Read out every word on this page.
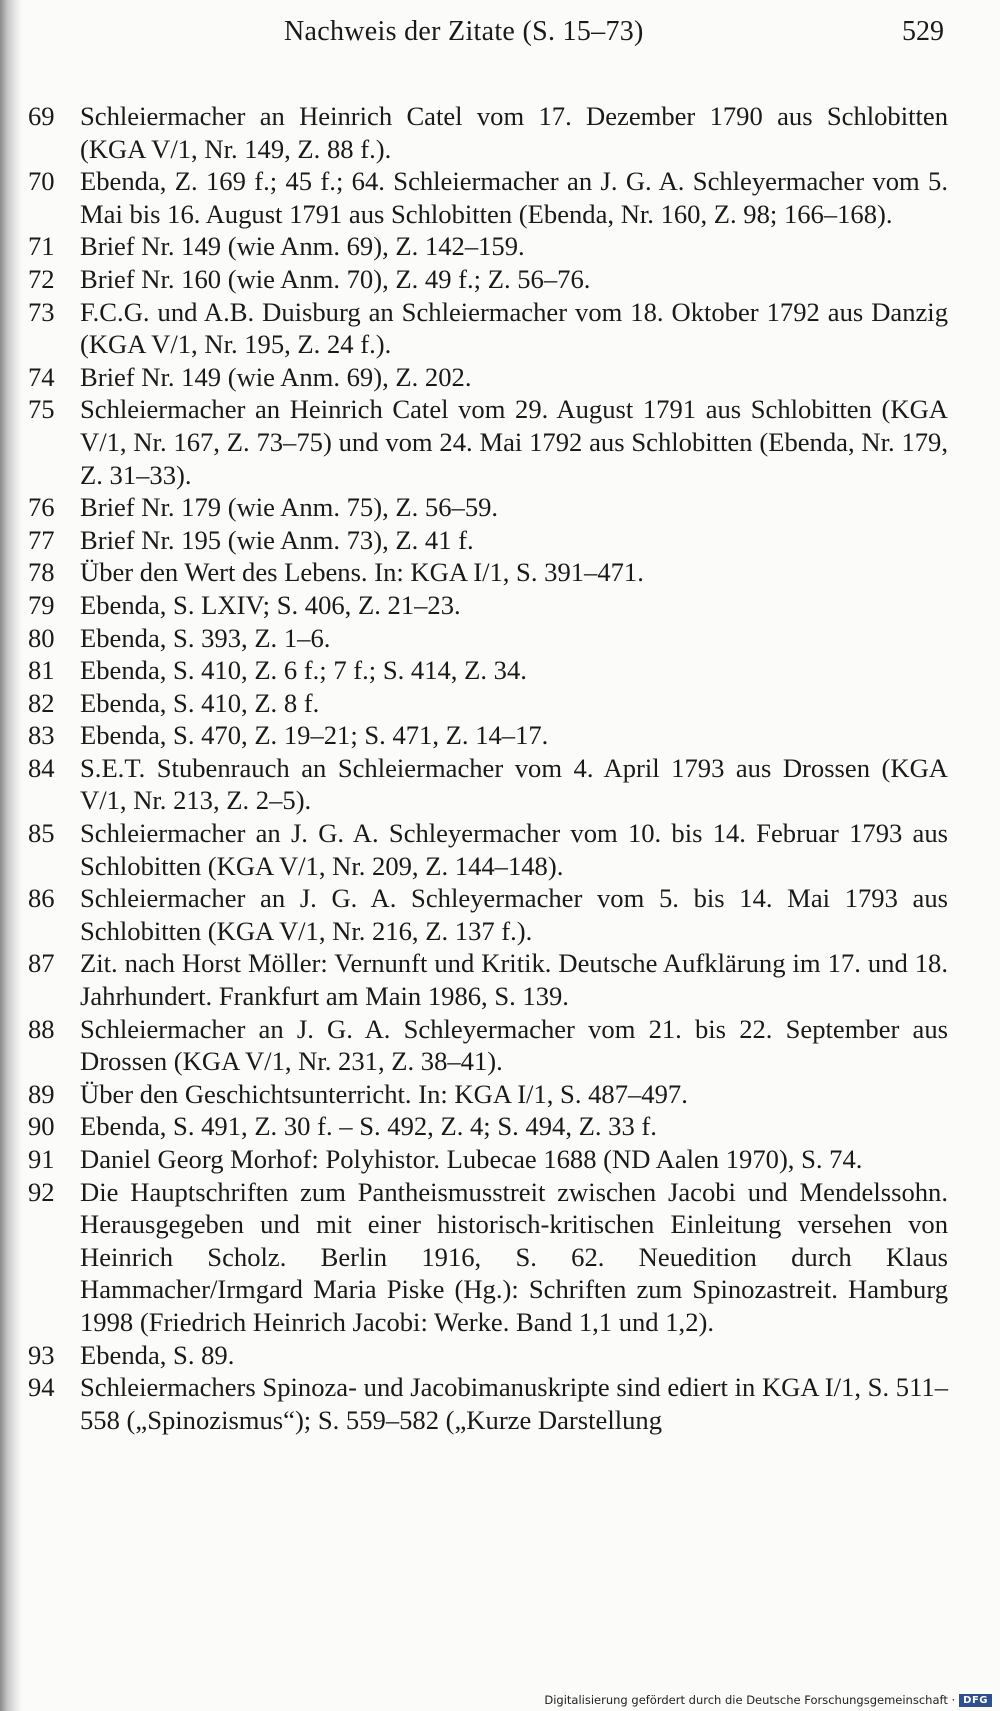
Nachweis der Zitate (S. 15–73)	529
69 Schleiermacher an Heinrich Catel vom 17. Dezember 1790 aus Schlobitten (KGA V/1, Nr. 149, Z. 88 f.).
70 Ebenda, Z. 169 f.; 45 f.; 64. Schleiermacher an J. G. A. Schleyermacher vom 5. Mai bis 16. August 1791 aus Schlobitten (Ebenda, Nr. 160, Z. 98; 166–168).
71 Brief Nr. 149 (wie Anm. 69), Z. 142–159.
72 Brief Nr. 160 (wie Anm. 70), Z. 49 f.; Z. 56–76.
73 F.C.G. und A.B. Duisburg an Schleiermacher vom 18. Oktober 1792 aus Danzig (KGA V/1, Nr. 195, Z. 24 f.).
74 Brief Nr. 149 (wie Anm. 69), Z. 202.
75 Schleiermacher an Heinrich Catel vom 29. August 1791 aus Schlobitten (KGA V/1, Nr. 167, Z. 73–75) und vom 24. Mai 1792 aus Schlobitten (Ebenda, Nr. 179, Z. 31–33).
76 Brief Nr. 179 (wie Anm. 75), Z. 56–59.
77 Brief Nr. 195 (wie Anm. 73), Z. 41 f.
78 Über den Wert des Lebens. In: KGA I/1, S. 391–471.
79 Ebenda, S. LXIV; S. 406, Z. 21–23.
80 Ebenda, S. 393, Z. 1–6.
81 Ebenda, S. 410, Z. 6 f.; 7 f.; S. 414, Z. 34.
82 Ebenda, S. 410, Z. 8 f.
83 Ebenda, S. 470, Z. 19–21; S. 471, Z. 14–17.
84 S.E.T. Stubenrauch an Schleiermacher vom 4. April 1793 aus Drossen (KGA V/1, Nr. 213, Z. 2–5).
85 Schleiermacher an J. G. A. Schleyermacher vom 10. bis 14. Februar 1793 aus Schlobitten (KGA V/1, Nr. 209, Z. 144–148).
86 Schleiermacher an J. G. A. Schleyermacher vom 5. bis 14. Mai 1793 aus Schlobitten (KGA V/1, Nr. 216, Z. 137 f.).
87 Zit. nach Horst Möller: Vernunft und Kritik. Deutsche Aufklärung im 17. und 18. Jahrhundert. Frankfurt am Main 1986, S. 139.
88 Schleiermacher an J. G. A. Schleyermacher vom 21. bis 22. September aus Drossen (KGA V/1, Nr. 231, Z. 38–41).
89 Über den Geschichtsunterricht. In: KGA I/1, S. 487–497.
90 Ebenda, S. 491, Z. 30 f. – S. 492, Z. 4; S. 494, Z. 33 f.
91 Daniel Georg Morhof: Polyhistor. Lubecae 1688 (ND Aalen 1970), S. 74.
92 Die Hauptschriften zum Pantheismusstreit zwischen Jacobi und Mendelssohn. Herausgegeben und mit einer historisch-kritischen Einleitung versehen von Heinrich Scholz. Berlin 1916, S. 62. Neuedition durch Klaus Hammacher/Irmgard Maria Piske (Hg.): Schriften zum Spinozastreit. Hamburg 1998 (Friedrich Heinrich Jacobi: Werke. Band 1,1 und 1,2).
93 Ebenda, S. 89.
94 Schleiermachers Spinoza- und Jacobimanuskripte sind ediert in KGA I/1, S. 511–558 („Spinozismus“); S. 559–582 („Kurze Darstellung
Digitalisierung gefördert durch die Deutsche Forschungsgemeinschaft · DFG
